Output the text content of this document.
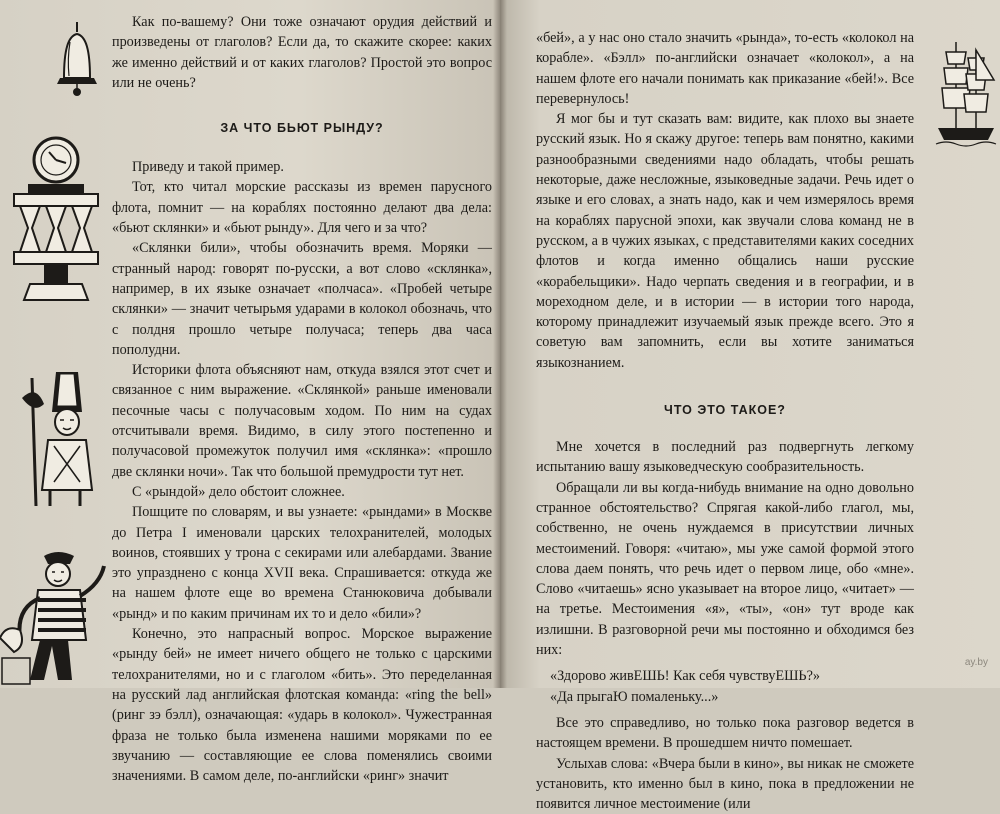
Как по-вашему? Они тоже означают орудия действий и произведены от глаголов? Если да, то скажите скорее: каких же именно действий и от каких глаголов? Простой это вопрос или не очень?

ЗА ЧТО БЬЮТ РЫНДУ?

Приведу и такой пример.

Тот, кто читал морские рассказы из времен парусного флота, помнит — на кораблях постоянно делают два дела: «бьют склянки» и «бьют рынду». Для чего и за что?

«Склянки били», чтобы обозначить время. Моряки — странный народ: говорят по-русски, а вот слово «склянка», например, в их языке означает «полчаса». «Пробей четыре склянки» — значит четырьмя ударами в колокол обозначь, что с полдня прошло четыре получаса; теперь два часа пополудни.

Историки флота объясняют нам, откуда взялся этот счет и связанное с ним выражение. «Склянкой» раньше именовали песочные часы с получасовым ходом. По ним на судах отсчитывали время. Видимо, в силу этого постепенно и получасовой промежуток получил имя «склянка»: «прошло две склянки ночи». Так что большой премудрости тут нет.

С «рындой» дело обстоит сложнее.

Пошците по словарям, и вы узнаете: «рындами» в Москве до Петра I именовали царских телохранителей, молодых воинов, стоявших у трона с секирами или алебардами. Звание это упразднено с конца XVII века. Спрашивается: откуда же на нашем флоте еще во времена Станюковича добывали «рынд» и по каким причинам их то и дело «били»?

Конечно, это напрасный вопрос. Морское выражение «рынду бей» не имеет ничего общего не только с царскими телохранителями, но и с глаголом «бить». Это переделанная на русский лад английская флотская команда: «ring the bell» (ринг зэ бэлл), означающая: «ударь в колокол». Чужестранная фраза не только была изменена нашими моряками по ее звучанию — составляющие ее слова поменялись своими значениями. В самом деле, по-английски «ринг» значит

«бей», а у нас оно стало значить «рында», то-есть «колокол на корабле». «Бэлл» по-английски означает «колокол», а на нашем флоте его начали понимать как приказание «бей!». Все перевернулось!

Я мог бы и тут сказать вам: видите, как плохо вы знаете русский язык. Но я скажу другое: теперь вам понятно, какими разнообразными сведениями надо обладать, чтобы решать некоторые, даже несложные, языковедные задачи. Речь идет о языке и его словах, а знать надо, как и чем измерялось время на кораблях парусной эпохи, как звучали слова команд не в русском, а в чужих языках, с представителями каких соседних флотов и когда именно общались наши русские «корабельщики». Надо черпать сведения и в географии, и в мореходном деле, и в истории — в истории того народа, которому принадлежит изучаемый язык прежде всего. Это я советую вам запомнить, если вы хотите заниматься языкознанием.

ЧТО ЭТО ТАКОЕ?

Мне хочется в последний раз подвергнуть легкому испытанию вашу языковедческую сообразительность.

Обращали ли вы когда-нибудь внимание на одно довольно странное обстоятельство? Спрягая какой-либо глагол, мы, собственно, не очень нуждаемся в присутствии личных местоимений. Говоря: «читаю», мы уже самой формой этого слова даем понять, что речь идет о первом лице, обо «мне». Слово «читаешь» ясно указывает на второе лицо, «читает» — на третье. Местоимения «я», «ты», «он» тут вроде как излишни. В разговорной речи мы постоянно и обходимся без них:

«Здорово живЕШЬ! Как себя чувствуЕШЬ?»

«Да прыгаЮ помаленьку...»

Все это справедливо, но только пока разговор ведется в настоящем времени. В прошедшем ничто помешает.

Услыхав слова: «Вчера были в кино», вы никак не сможете установить, кто именно был в кино, пока в предложении не появится личное местоимение (или

ay.by
